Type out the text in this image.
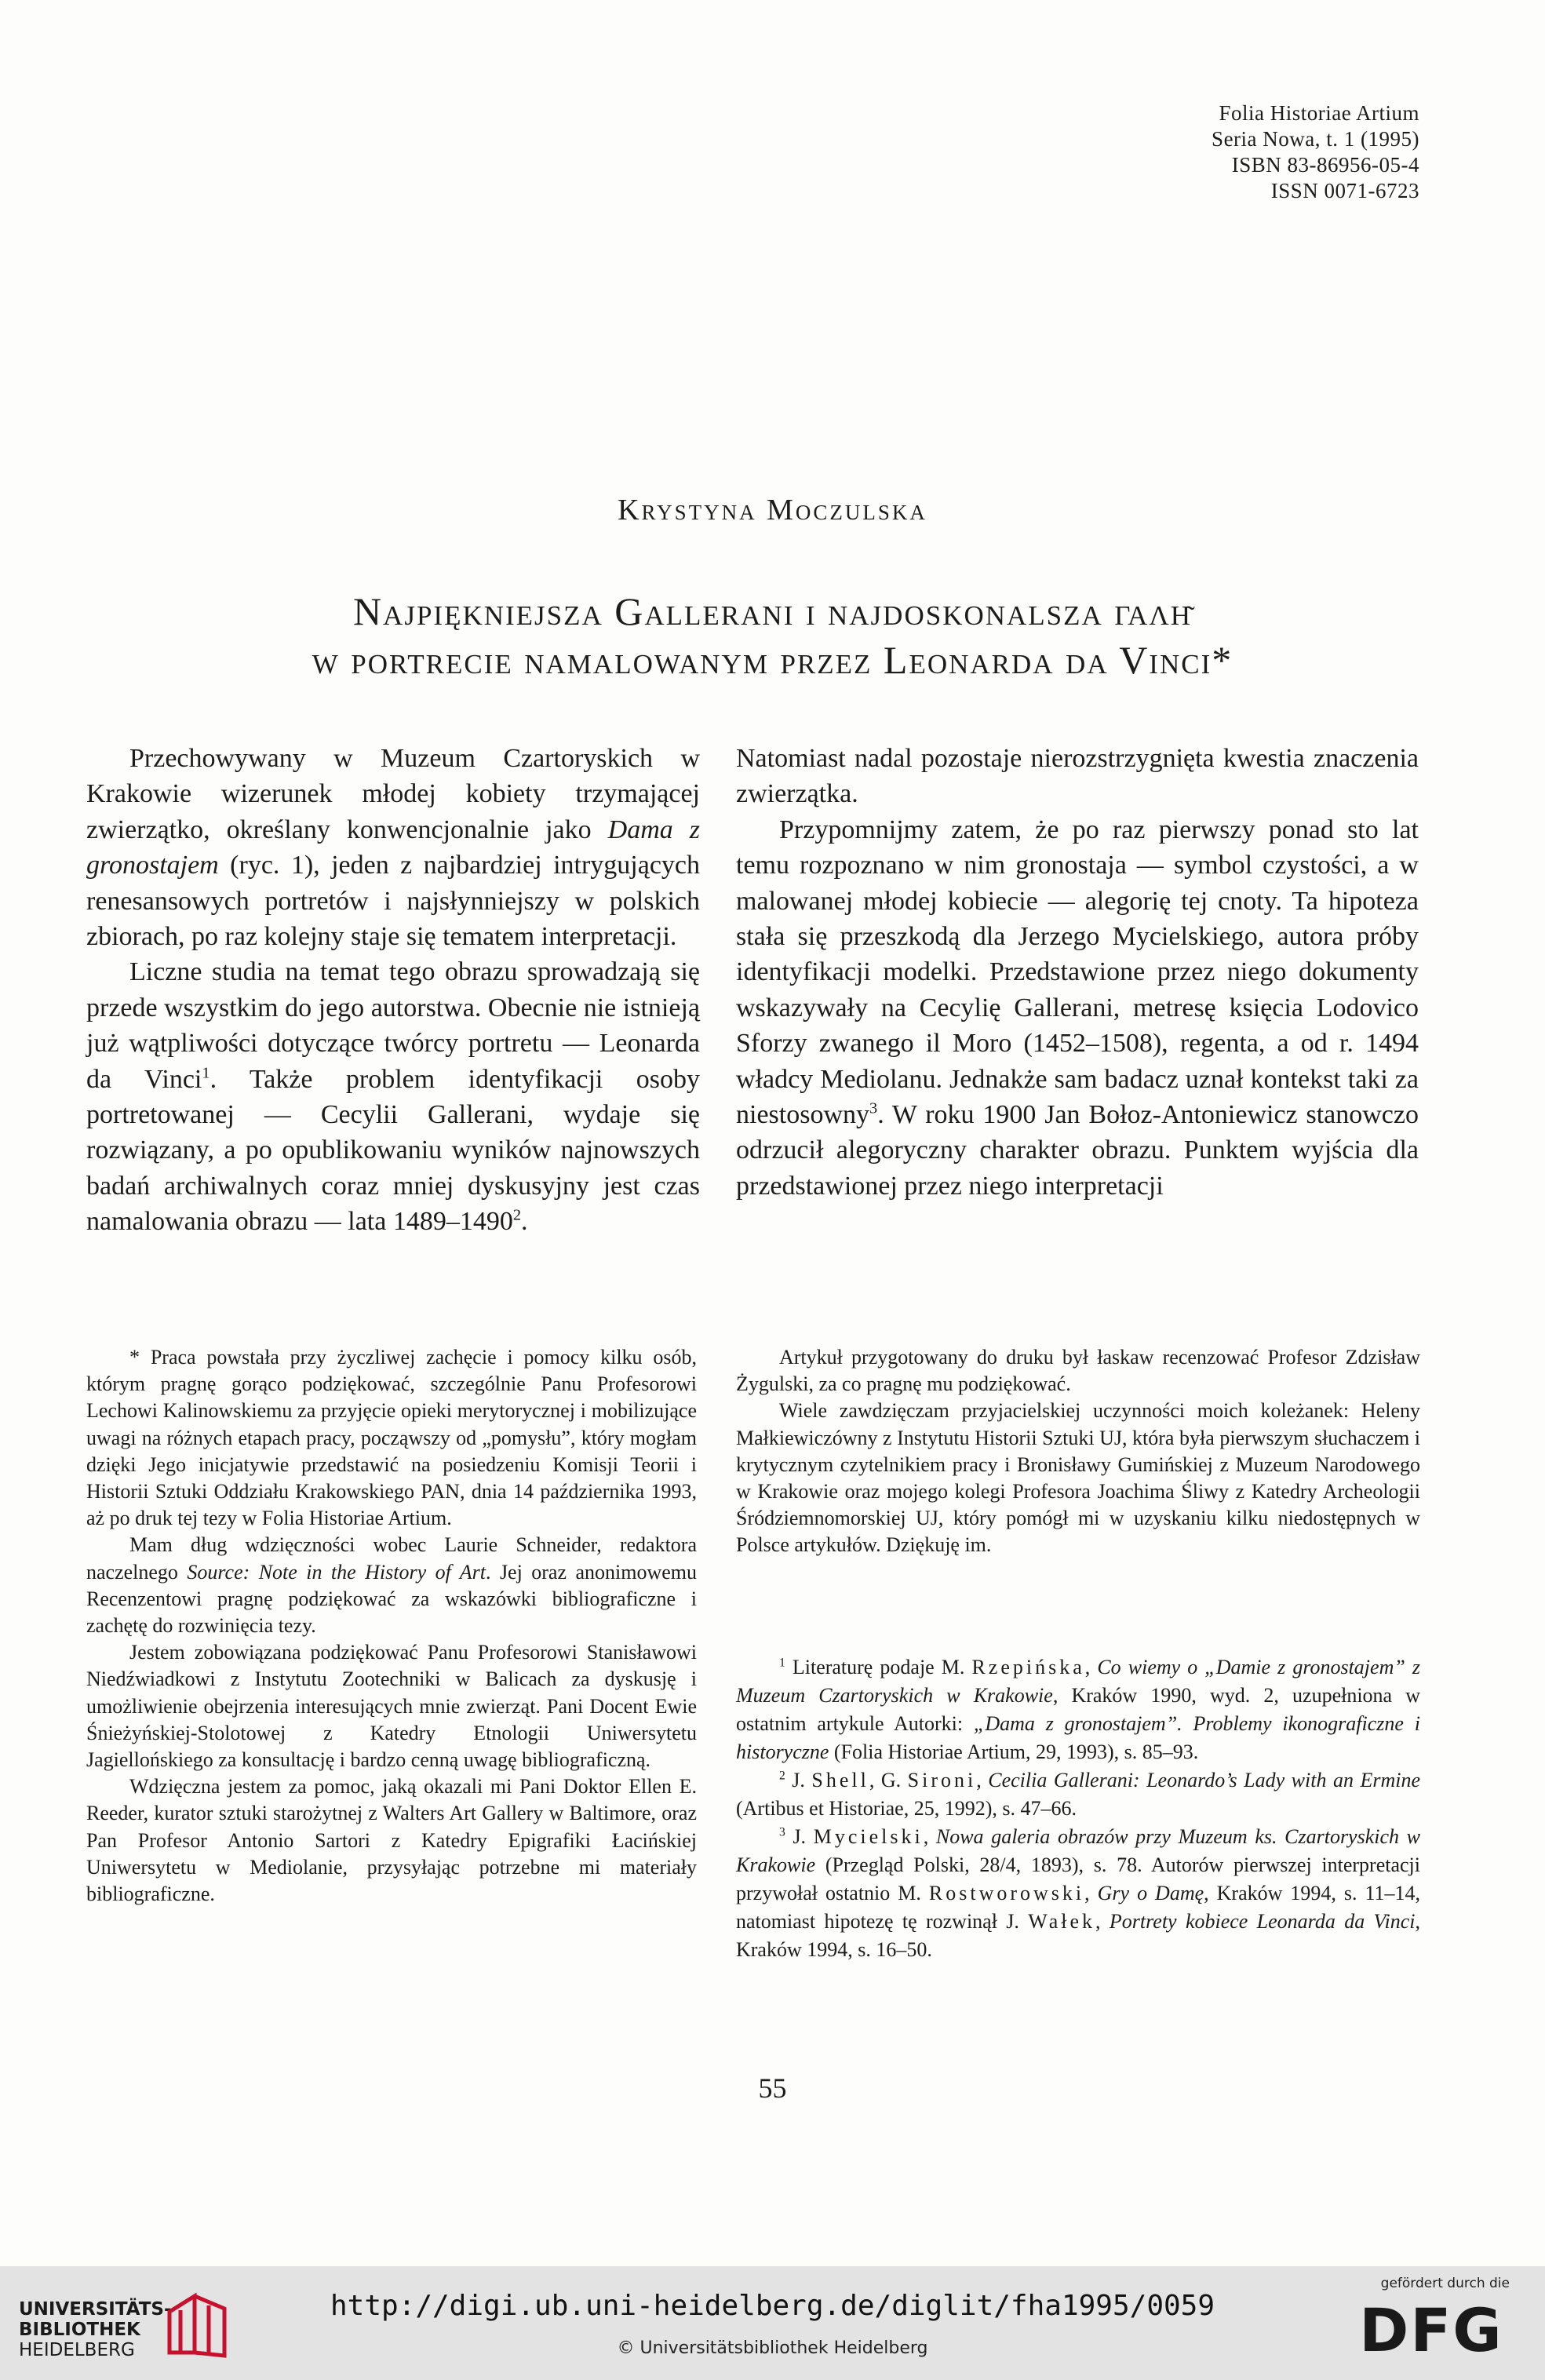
Folia Historiae Artium
Seria Nowa, t. 1 (1995)
ISBN 83-86956-05-4
ISSN 0071-6723
Krystyna Moczulska
Najpiękniejsza Gallerani i najdoskonalsza γαλῆ
w portrecie namalowanym przez Leonarda da Vinci*

Przechowywany w Muzeum Czartoryskich w Krakowie wizerunek młodej kobiety trzymającej zwierzątko, określany konwencjonalnie jako Dama z gronostajem (ryc. 1), jeden z najbardziej intrygujących renesansowych portretów i najsłynniejszy w polskich zbiorach, po raz kolejny staje się tematem interpretacji.

Liczne studia na temat tego obrazu sprowadzają się przede wszystkim do jego autorstwa. Obecnie nie istnieją już wątpliwości dotyczące twórcy portretu — Leonarda da Vinci$^1$. Także problem identyfikacji osoby portretowanej — Cecylii Gallerani, wydaje się rozwiązany, a po opublikowaniu wyników najnowszych badań archiwalnych coraz mniej dyskusyjny jest czas namalowania obrazu — lata 1489–1490$^2$.

Natomiast nadal pozostaje nierozstrzygnięta kwestia znaczenia zwierzątka.

Przypomnijmy zatem, że po raz pierwszy ponad sto lat temu rozpoznano w nim gronostaja — symbol czystości, a w malowanej młodej kobiecie — alegorię tej cnoty. Ta hipoteza stała się przeszkodą dla Jerzego Mycielskiego, autora próby identyfikacji modelki. Przedstawione przez niego dokumenty wskazywały na Cecylię Gallerani, metresę księcia Lodovico Sforzy zwanego il Moro (1452–1508), regenta, a od r. 1494 władcy Mediolanu. Jednakże sam badacz uznał kontekst taki za niestosowny$^3$. W roku 1900 Jan Bołoz-Antoniewicz stanowczo odrzucił alegoryczny charakter obrazu. Punktem wyjścia dla przedstawionej przez niego interpretacji

* Praca powstała przy życzliwej zachęcie i pomocy kilku osób, którym pragnę gorąco podziękować, szczególnie Panu Profesorowi Lechowi Kalinowskiemu za przyjęcie opieki merytorycznej i mobilizujące uwagi na różnych etapach pracy, począwszy od „pomysłu”, który mogłam dzięki Jego inicjatywie przedstawić na posiedzeniu Komisji Teorii i Historii Sztuki Oddziału Krakowskiego PAN, dnia 14 października 1993, aż po druk tej tezy w Folia Historiae Artium.

Mam dług wdzięczności wobec Laurie Schneider, redaktora naczelnego Source: Note in the History of Art. Jej oraz anonimowemu Recenzentowi pragnę podziękować za wskazówki bibliograficzne i zachętę do rozwinięcia tezy.

Jestem zobowiązana podziękować Panu Profesorowi Stanisławowi Niedźwiadkowi z Instytutu Zootechniki w Balicach za dyskusję i umożliwienie obejrzenia interesujących mnie zwierząt. Pani Docent Ewie Śnieżyńskiej-Stolotowej z Katedry Etnologii Uniwersytetu Jagiellońskiego za konsultację i bardzo cenną uwagę bibliograficzną.

Wdzięczna jestem za pomoc, jaką okazali mi Pani Doktor Ellen E. Reeder, kurator sztuki starożytnej z Walters Art Gallery w Baltimore, oraz Pan Profesor Antonio Sartori z Katedry Epigrafiki Łacińskiej Uniwersytetu w Mediolanie, przysyłając potrzebne mi materiały bibliograficzne.

Artykuł przygotowany do druku był łaskaw recenzować Profesor Zdzisław Żygulski, za co pragnę mu podziękować.

Wiele zawdzięczam przyjacielskiej uczynności moich koleżanek: Heleny Małkiewiczówny z Instytutu Historii Sztuki UJ, która była pierwszym słuchaczem i krytycznym czytelnikiem pracy i Bronisławy Gumińskiej z Muzeum Narodowego w Krakowie oraz mojego kolegi Profesora Joachima Śliwy z Katedry Archeologii Śródziemnomorskiej UJ, który pomógł mi w uzyskaniu kilku niedostępnych w Polsce artykułów. Dziękuję im.

$^1$ Literaturę podaje M. Rzepińska, Co wiemy o „Damie z gronostajem” z Muzeum Czartoryskich w Krakowie, Kraków 1990, wyd. 2, uzupełniona w ostatnim artykule Autorki: „Dama z gronostajem”. Problemy ikonograficzne i historyczne (Folia Historiae Artium, 29, 1993), s. 85–93.

$^2$ J. Shell, G. Sironi, Cecilia Gallerani: Leonardo’s Lady with an Ermine (Artibus et Historiae, 25, 1992), s. 47–66.

$^3$ J. Mycielski, Nowa galeria obrazów przy Muzeum ks. Czartoryskich w Krakowie (Przegląd Polski, 28/4, 1893), s. 78. Autorów pierwszej interpretacji przywołał ostatnio M. Rostworowski, Gry o Damę, Kraków 1994, s. 11–14, natomiast hipotezę tę rozwinął J. Wałek, Portrety kobiece Leonarda da Vinci, Kraków 1994, s. 16–50.

55
UNIVERSITÄTS-
BIBLIOTHEK
HEIDELBERG
http://digi.ub.uni-heidelberg.de/diglit/fha1995/0059
© Universitätsbibliothek Heidelberg
gefördert durch die
DFG
